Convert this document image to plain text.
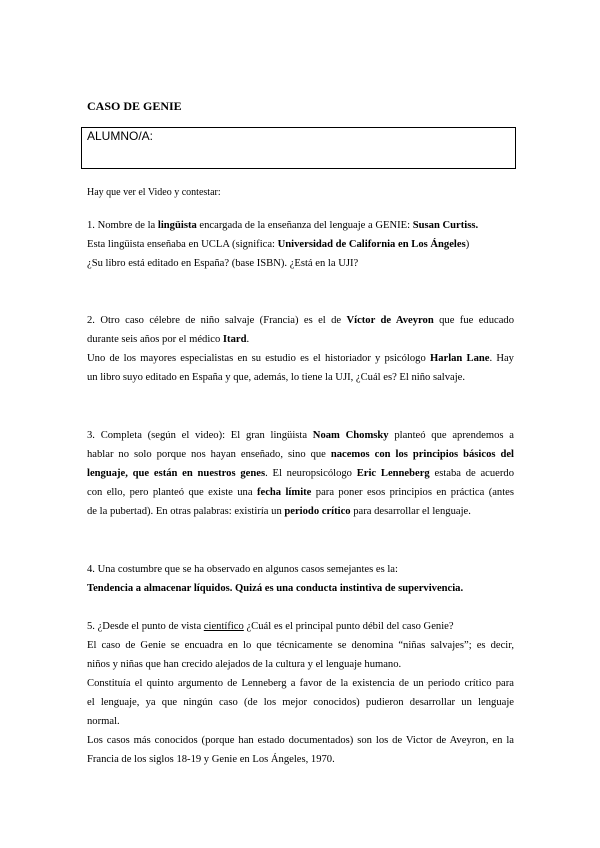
CASO DE GENIE
ALUMNO/A:
Hay que ver el Video y contestar:
1. Nombre de la lingüista encargada de la enseñanza del lenguaje a GENIE: Susan Curtiss.
Esta lingüista enseñaba en UCLA (significa: Universidad de California en Los Ángeles)
¿Su libro está editado en España? (base ISBN). ¿Está en la UJI?
2. Otro caso célebre de niño salvaje (Francia) es el de Víctor de Aveyron que fue educado
durante seis años por el médico Itard.
Uno de los mayores especialistas en su estudio es el historiador y psicólogo Harlan Lane. Hay
un libro suyo editado en España y que, además, lo tiene la UJI, ¿Cuál es? El niño salvaje.
3. Completa (según el video): El gran lingüista Noam Chomsky planteó que aprendemos a
hablar no solo porque nos hayan enseñado, sino que nacemos con los principios básicos del
lenguaje, que están en nuestros genes. El neuropsicólogo Eric Lenneberg estaba de acuerdo
con ello, pero planteó que existe una fecha límite para poner esos principios en práctica (antes
de la pubertad). En otras palabras: existiría un periodo crítico para desarrollar el lenguaje.
4. Una costumbre que se ha observado en algunos casos semejantes es la:
Tendencia a almacenar líquidos. Quizá es una conducta instintiva de supervivencia.
5. ¿Desde el punto de vista científico ¿Cuál es el principal punto débil del caso Genie?
El caso de Genie se encuadra en lo que técnicamente se denomina “niñas salvajes”; es decir,
niños y niñas que han crecido alejados de la cultura y el lenguaje humano.
Constituía el quinto argumento de Lenneberg a favor de la existencia de un periodo crítico para
el lenguaje, ya que ningún caso (de los mejor conocidos) pudieron desarrollar un lenguaje
normal.
Los casos más conocidos (porque han estado documentados) son los de Victor de Aveyron, en la
Francia de los siglos 18-19 y Genie en Los Ángeles, 1970.
